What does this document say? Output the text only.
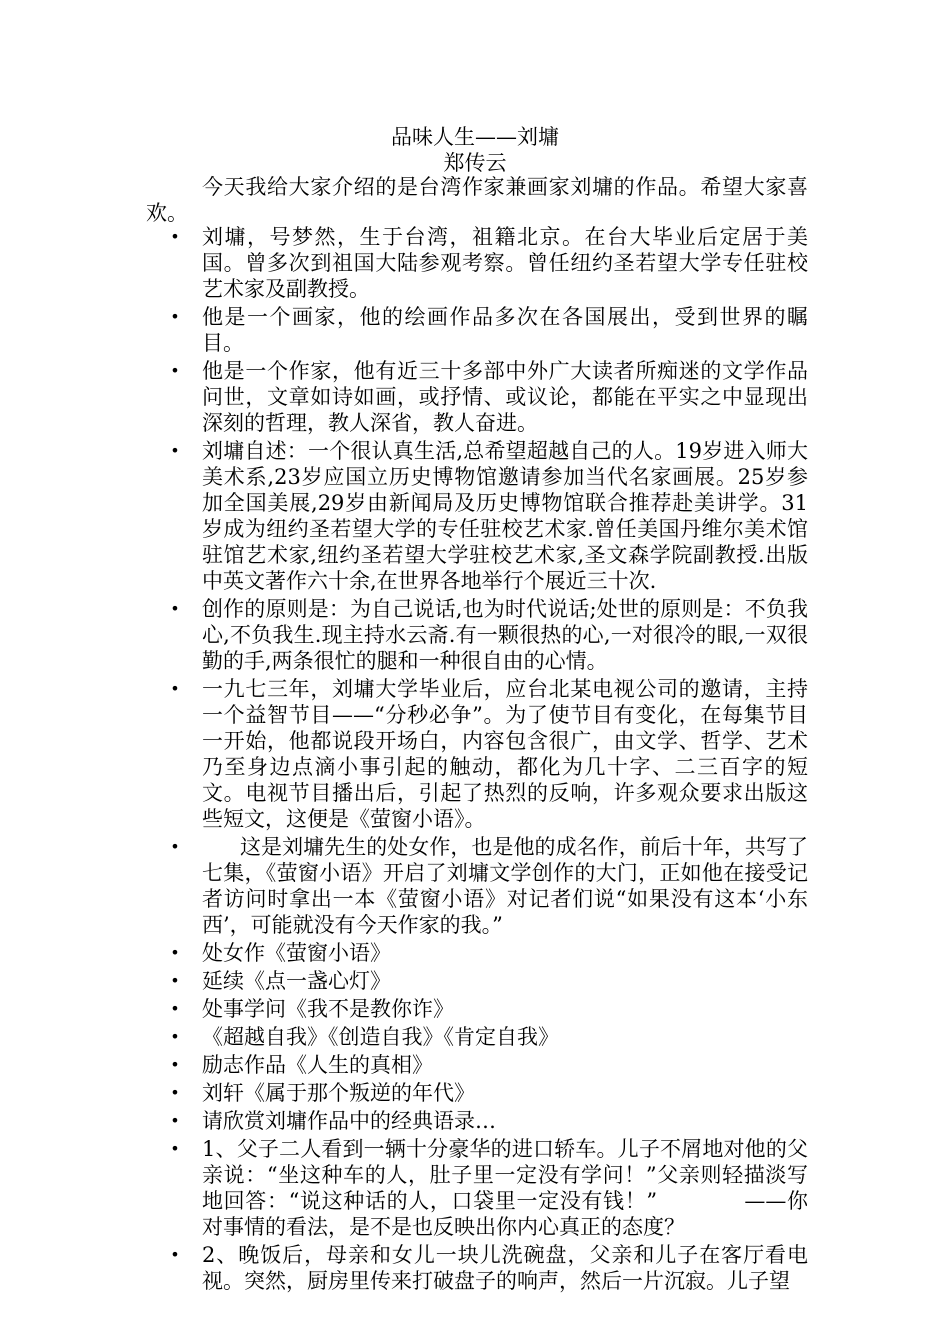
品味人生——刘墉
郑传云
今天我给大家介绍的是台湾作家兼画家刘墉的作品。希望大家喜欢。
• 刘墉，号梦然，生于台湾，祖籍北京。在台大毕业后定居于美国。曾多次到祖国大陆参观考察。曾任纽约圣若望大学专任驻校艺术家及副教授。
• 他是一个画家，他的绘画作品多次在各国展出，受到世界的瞩目。
• 他是一个作家，他有近三十多部中外广大读者所痴迷的文学作品问世，文章如诗如画，或抒情、或议论，都能在平实之中显现出深刻的哲理，教人深省，教人奋进。
• 刘墉自述：一个很认真生活,总希望超越自己的人。19岁进入师大美术系,23岁应国立历史博物馆邀请参加当代名家画展。25岁参加全国美展,29岁由新闻局及历史博物馆联合推荐赴美讲学。31岁成为纽约圣若望大学的专任驻校艺术家.曾任美国丹维尔美术馆驻馆艺术家,纽约圣若望大学驻校艺术家,圣文森学院副教授.出版中英文著作六十余,在世界各地举行个展近三十次.
• 创作的原则是：为自己说话,也为时代说话;处世的原则是：不负我心,不负我生.现主持水云斋.有一颗很热的心,一对很冷的眼,一双很勤的手,两条很忙的腿和一种很自由的心情。
• 一九七三年，刘墉大学毕业后，应台北某电视公司的邀请，主持一个益智节目——“分秒必争”。为了使节目有变化，在每集节目一开始，他都说段开场白，内容包含很广，由文学、哲学、艺术乃至身边点滴小事引起的触动，都化为几十字、二三百字的短文。电视节目播出后，引起了热烈的反响，许多观众要求出版这些短文，这便是《萤窗小语》。
•	这是刘墉先生的处女作，也是他的成名作，前后十年，共写了七集，《萤窗小语》开启了刘墉文学创作的大门，正如他在接受记者访问时拿出一本《萤窗小语》对记者们说“如果没有这本‘小东西’，可能就没有今天作家的我。”
• 处女作《萤窗小语》
• 延续《点一盏心灯》
• 处事学问《我不是教你诈》
• 《超越自我》《创造自我》《肯定自我》
• 励志作品《人生的真相》
• 刘轩《属于那个叛逆的年代》
• 请欣赏刘墉作品中的经典语录…
• 1、父子二人看到一辆十分豪华的进口轿车。儿子不屑地对他的父亲说：“坐这种车的人，肚子里一定没有学问！”父亲则轻描淡写地回答：“说这种话的人，口袋里一定没有钱！”　　　　——你对事情的看法，是不是也反映出你内心真正的态度？
• 2、晚饭后，母亲和女儿一块儿洗碗盘，父亲和儿子在客厅看电视。突然，厨房里传来打破盘子的响声，然后一片沉寂。儿子望
